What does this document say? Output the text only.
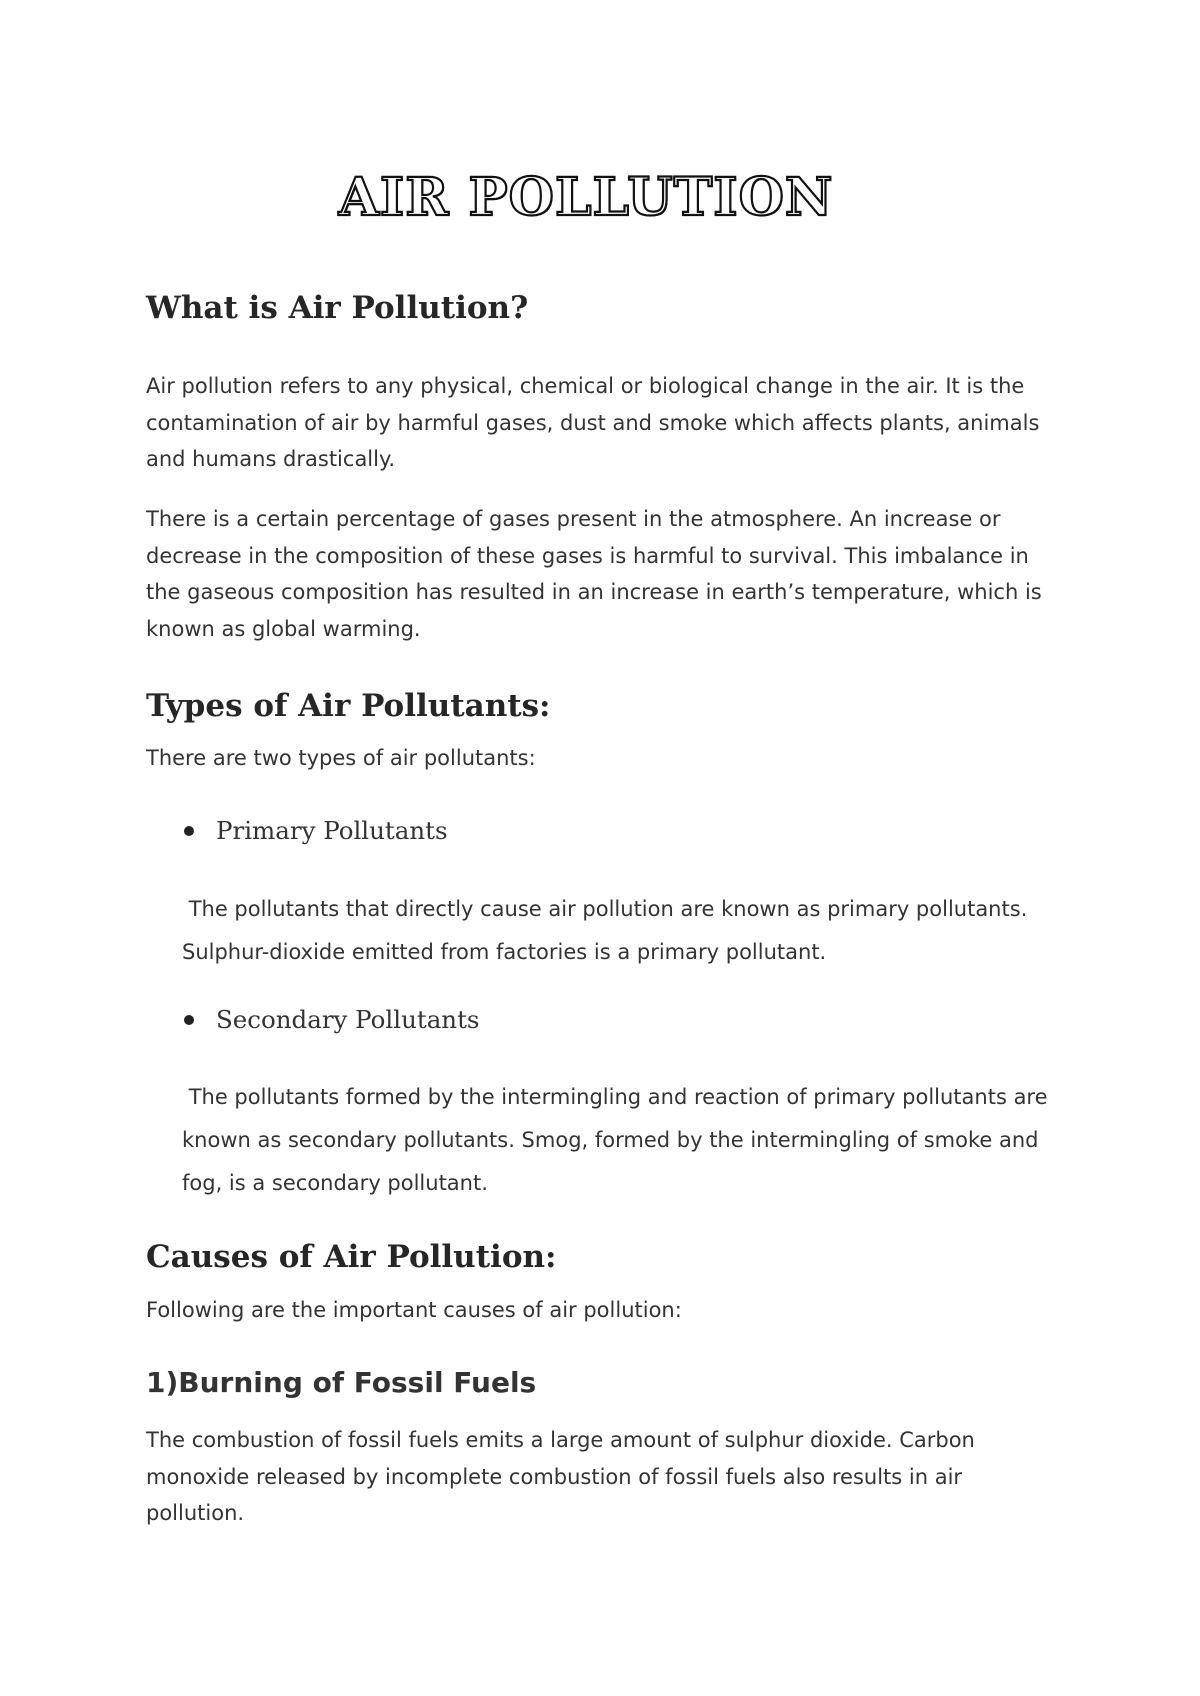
AIR POLLUTION
What is Air Pollution?

Air pollution refers to any physical, chemical or biological change in the air. It is the contamination of air by harmful gases, dust and smoke which affects plants, animals and humans drastically.

There is a certain percentage of gases present in the atmosphere. An increase or decrease in the composition of these gases is harmful to survival. This imbalance in the gaseous composition has resulted in an increase in earth’s temperature, which is known as global warming.

Types of Air Pollutants:

There are two types of air pollutants:

Primary Pollutants

The pollutants that directly cause air pollution are known as primary pollutants. Sulphur-dioxide emitted from factories is a primary pollutant.

Secondary Pollutants

The pollutants formed by the intermingling and reaction of primary pollutants are known as secondary pollutants. Smog, formed by the intermingling of smoke and fog, is a secondary pollutant.

Causes of Air Pollution:

Following are the important causes of air pollution:

1)Burning of Fossil Fuels

The combustion of fossil fuels emits a large amount of sulphur dioxide. Carbon monoxide released by incomplete combustion of fossil fuels also results in air pollution.
